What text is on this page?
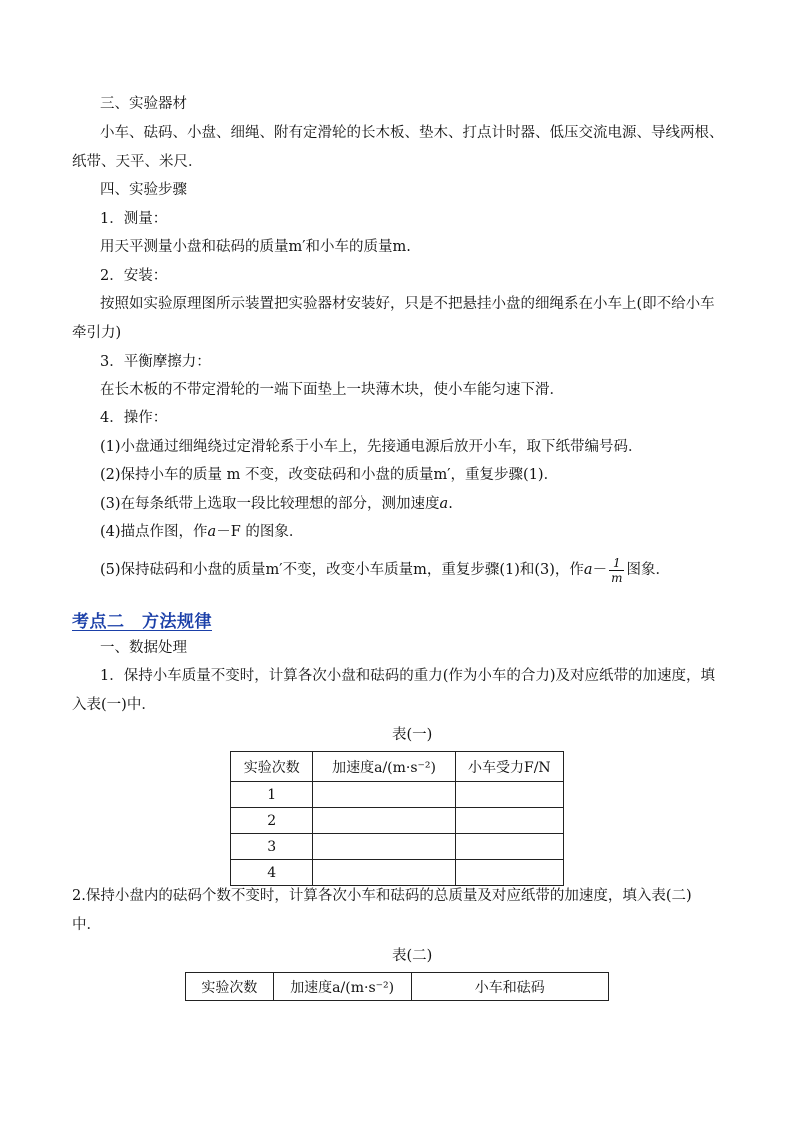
三、实验器材
小车、砝码、小盘、细绳、附有定滑轮的长木板、垫木、打点计时器、低压交流电源、导线两根、
纸带、天平、米尺．
四、实验步骤
1．测量：
用天平测量小盘和砝码的质量m′和小车的质量m.
2．安装：
按照如实验原理图所示装置把实验器材安装好，只是不把悬挂小盘的细绳系在小车上(即不给小车
牵引力)
3．平衡摩擦力：
在长木板的不带定滑轮的一端下面垫上一块薄木块，使小车能匀速下滑．
4．操作：
(1)小盘通过细绳绕过定滑轮系于小车上，先接通电源后放开小车，取下纸带编号码．
(2)保持小车的质量 m 不变，改变砝码和小盘的质量m′，重复步骤(1)．
(3)在每条纸带上选取一段比较理想的部分，测加速度a.
(4)描点作图，作a－F 的图象．
(5)保持砝码和小盘的质量m′不变，改变小车质量m，重复步骤(1)和(3)，作$a- \frac{1}{m}$ 图象．
考点二　方法规律
一、数据处理
1．保持小车质量不变时，计算各次小盘和砝码的重力(作为小车的合力)及对应纸带的加速度，填
入表(一)中．
表(一)
实验次数	加速度a/(m·s⁻²)	小车受力F/N
1		
2		
3		
4		
2.保持小盘内的砝码个数不变时，计算各次小车和砝码的总质量及对应纸带的加速度，填入表(二)
中．
表(二)
实验次数	加速度a/(m·s⁻²)	小车和砝码
